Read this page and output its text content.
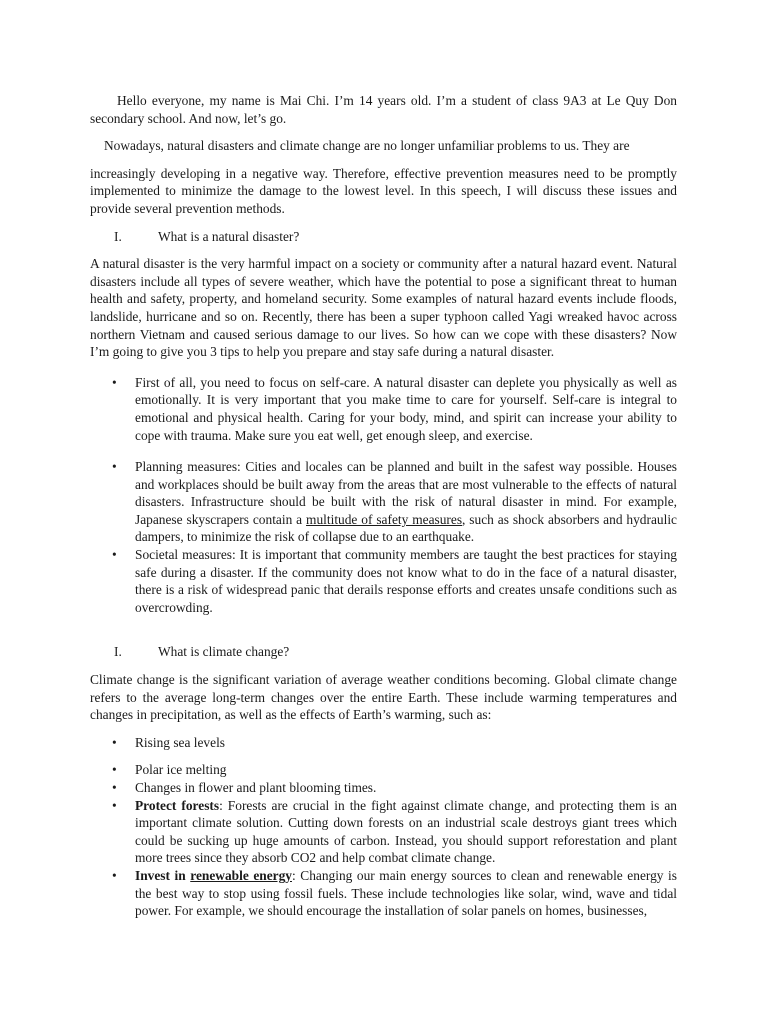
Hello everyone, my name is Mai Chi. I’m 14 years old. I’m a student of class 9A3 at Le Quy Don secondary school. And now, let’s go.

Nowadays, natural disasters and climate change are no longer unfamiliar problems to us. They are

increasingly developing in a negative way. Therefore, effective prevention measures need to be promptly implemented to minimize the damage to the lowest level. In this speech, I will discuss these issues and provide several prevention methods.

I.	What is a natural disaster?

A natural disaster is the very harmful impact on a society or community after a natural hazard event. Natural disasters include all types of severe weather, which have the potential to pose a significant threat to human health and safety, property, and homeland security. Some examples of natural hazard events include floods, landslide, hurricane and so on. Recently, there has been a super typhoon called Yagi wreaked havoc across northern Vietnam and caused serious damage to our lives. So how can we cope with these disasters? Now I’m going to give you 3 tips to help you prepare and stay safe during a natural disaster.

• First of all, you need to focus on self-care. A natural disaster can deplete you physically as well as emotionally. It is very important that you make time to care for yourself. Self-care is integral to emotional and physical health. Caring for your body, mind, and spirit can increase your ability to cope with trauma. Make sure you eat well, get enough sleep, and exercise.
• Planning measures: Cities and locales can be planned and built in the safest way possible. Houses and workplaces should be built away from the areas that are most vulnerable to the effects of natural disasters. Infrastructure should be built with the risk of natural disaster in mind. For example, Japanese skyscrapers contain a multitude of safety measures, such as shock absorbers and hydraulic dampers, to minimize the risk of collapse due to an earthquake.
• Societal measures: It is important that community members are taught the best practices for staying safe during a disaster. If the community does not know what to do in the face of a natural disaster, there is a risk of widespread panic that derails response efforts and creates unsafe conditions such as overcrowding.
I.	What is climate change?

Climate change is the significant variation of average weather conditions becoming. Global climate change refers to the average long-term changes over the entire Earth. These include warming temperatures and changes in precipitation, as well as the effects of Earth’s warming, such as:

• Rising sea levels
• Polar ice melting
• Changes in flower and plant blooming times.
• Protect forests: Forests are crucial in the fight against climate change, and protecting them is an important climate solution. Cutting down forests on an industrial scale destroys giant trees which could be sucking up huge amounts of carbon. Instead, you should support reforestation and plant more trees since they absorb CO2 and help combat climate change.
• Invest in renewable energy: Changing our main energy sources to clean and renewable energy is the best way to stop using fossil fuels. These include technologies like solar, wind, wave and tidal power. For example, we should encourage the installation of solar panels on homes, businesses,
